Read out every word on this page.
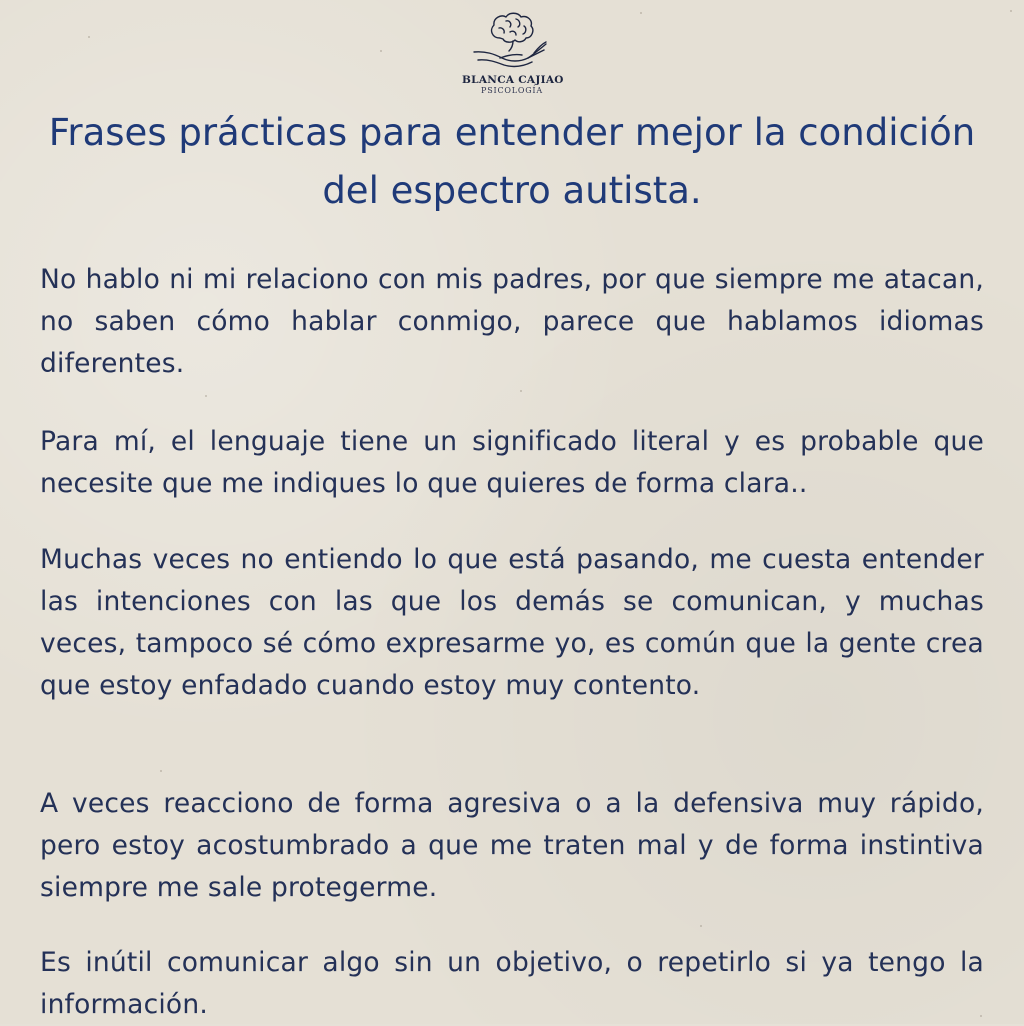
BLANCA CAJIAO
PSICOLOGÍA
Frases prácticas para entender mejor la condición del espectro autista.

No hablo ni mi relaciono con mis padres, por que siempre me atacan, no saben cómo hablar conmigo, parece que hablamos idiomas diferentes.

Para mí, el lenguaje tiene un significado literal y es probable que necesite que me indiques lo que quieres de forma clara..

Muchas veces no entiendo lo que está pasando, me cuesta entender las intenciones con las que los demás se comunican, y muchas veces, tampoco sé cómo expresarme yo, es común que la gente crea que estoy enfadado cuando estoy muy contento.

A veces reacciono de forma agresiva o a la defensiva muy rápido, pero estoy acostumbrado a que me traten mal y de forma instintiva siempre me sale protegerme.

Es inútil comunicar algo sin un objetivo, o repetirlo si ya tengo la información.
